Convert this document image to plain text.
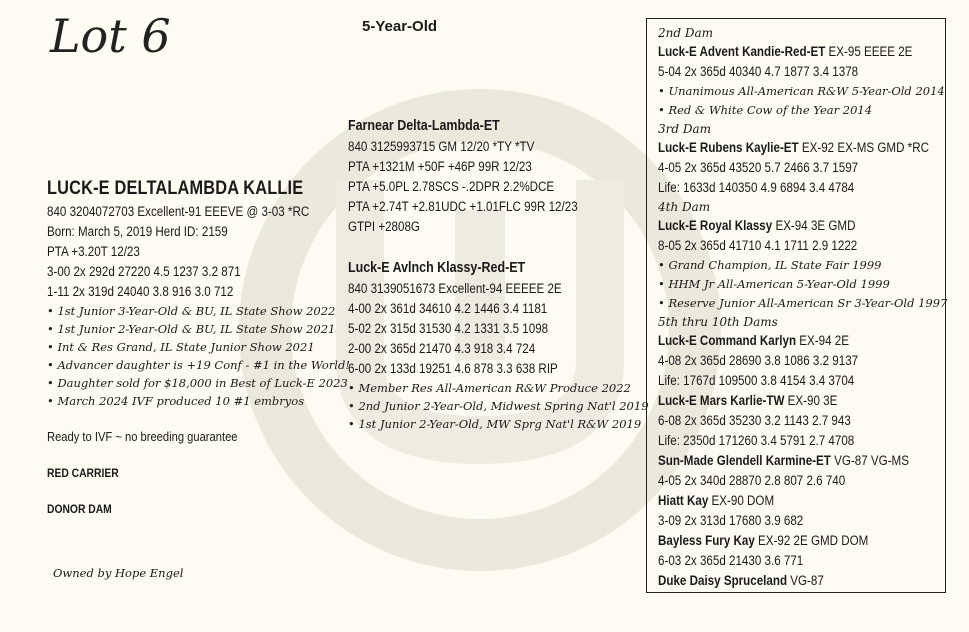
Lot 6	5-Year-Old
LUCK-E DELTALAMBDA KALLIE
840 3204072703 Excellent-91 EEEVE @ 3-03 *RC
Born: March 5, 2019 Herd ID: 2159
PTA +3.20T 12/23
3-00 2x 292d 27220 4.5 1237 3.2 871
1-11 2x 319d 24040 3.8 916 3.0 712
• 1st Junior 3-Year-Old & BU, IL State Show 2022
• 1st Junior 2-Year-Old & BU, IL State Show 2021
• Int & Res Grand, IL State Junior Show 2021
• Advancer daughter is +19 Conf - #1 in the World!
• Daughter sold for $18,000 in Best of Luck-E 2023
• March 2024 IVF produced 10 #1 embryos
Ready to IVF ~ no breeding guarantee
RED CARRIER
DONOR DAM
Owned by Hope Engel
Farnear Delta-Lambda-ET
840 3125993715 GM 12/20 *TY *TV
PTA +1321M +50F +46P 99R 12/23
PTA +5.0PL 2.78SCS -.2DPR 2.2%DCE
PTA +2.74T +2.81UDC +1.01FLC 99R 12/23
GTPI +2808G
Luck-E Avlnch Klassy-Red-ET
840 3139051673 Excellent-94 EEEEE 2E
4-00 2x 361d 34610 4.2 1446 3.4 1181
5-02 2x 315d 31530 4.2 1331 3.5 1098
2-00 2x 365d 21470 4.3 918 3.4 724
6-00 2x 133d 19251 4.6 878 3.3 638 RIP
• Member Res All-American R&W Produce 2022
• 2nd Junior 2-Year-Old, Midwest Spring Nat'l 2019
• 1st Junior 2-Year-Old, MW Sprg Nat'l R&W 2019
2nd Dam
Luck-E Advent Kandie-Red-ET EX-95 EEEE 2E
5-04 2x 365d 40340 4.7 1877 3.4 1378
• Unanimous All-American R&W 5-Year-Old 2014
• Red & White Cow of the Year 2014
3rd Dam
Luck-E Rubens Kaylie-ET EX-92 EX-MS GMD *RC
4-05 2x 365d 43520 5.7 2466 3.7 1597
Life: 1633d 140350 4.9 6894 3.4 4784
4th Dam
Luck-E Royal Klassy EX-94 3E GMD
8-05 2x 365d 41710 4.1 1711 2.9 1222
• Grand Champion, IL State Fair 1999
• HHM Jr All-American 5-Year-Old 1999
• Reserve Junior All-American Sr 3-Year-Old 1997
5th thru 10th Dams
Luck-E Command Karlyn EX-94 2E
4-08 2x 365d 28690 3.8 1086 3.2 9137
Life: 1767d 109500 3.8 4154 3.4 3704
Luck-E Mars Karlie-TW EX-90 3E
6-08 2x 365d 35230 3.2 1143 2.7 943
Life: 2350d 171260 3.4 5791 2.7 4708
Sun-Made Glendell Karmine-ET VG-87 VG-MS
4-05 2x 340d 28870 2.8 807 2.6 740
Hiatt Kay EX-90 DOM
3-09 2x 313d 17680 3.9 682
Bayless Fury Kay EX-92 2E GMD DOM
6-03 2x 365d 21430 3.6 771
Duke Daisy Spruceland VG-87
